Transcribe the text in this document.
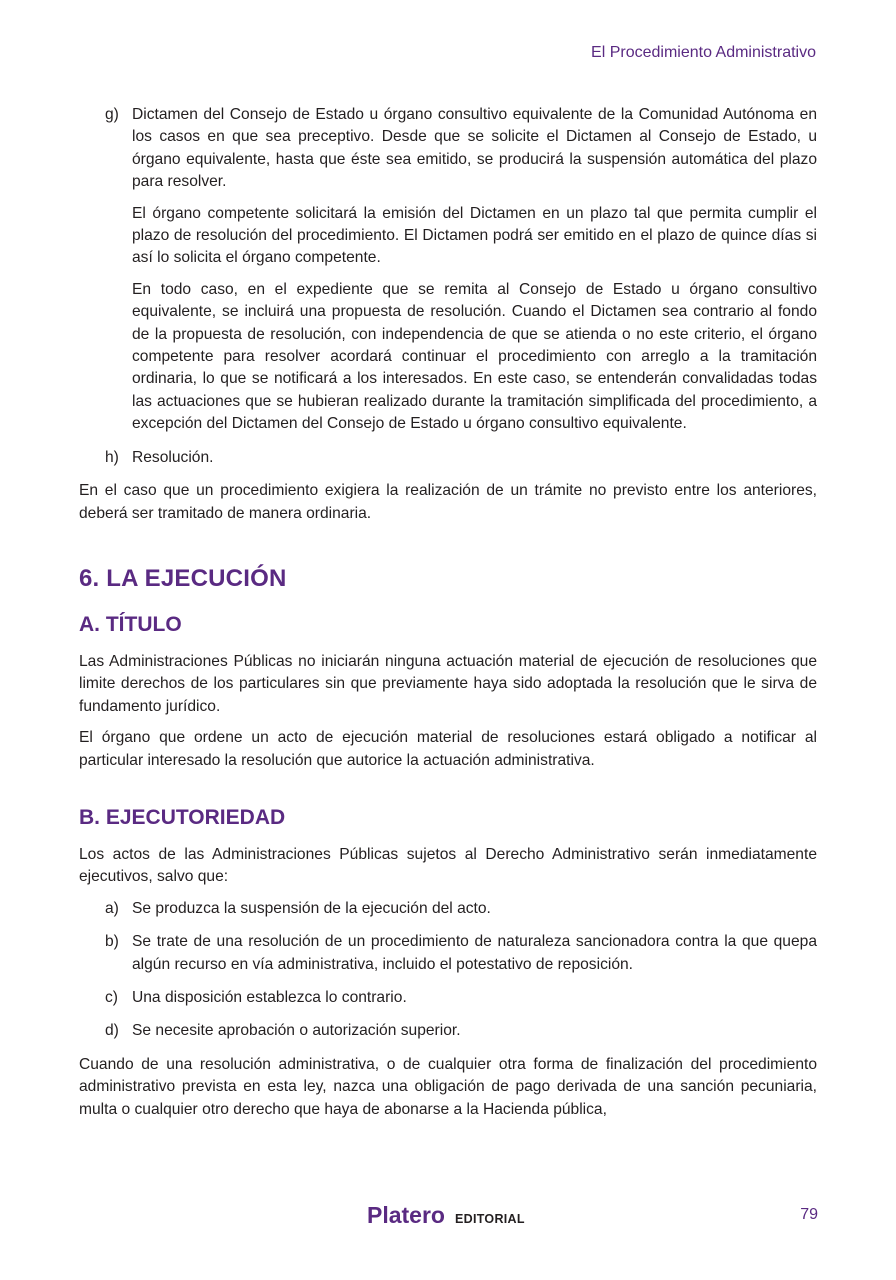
El Procedimiento Administrativo
g) Dictamen del Consejo de Estado u órgano consultivo equivalente de la Comunidad Autónoma en los casos en que sea preceptivo. Desde que se solicite el Dictamen al Consejo de Estado, u órgano equivalente, hasta que éste sea emitido, se producirá la suspensión automática del plazo para resolver.

El órgano competente solicitará la emisión del Dictamen en un plazo tal que permita cumplir el plazo de resolución del procedimiento. El Dictamen podrá ser emitido en el plazo de quince días si así lo solicita el órgano competente.

En todo caso, en el expediente que se remita al Consejo de Estado u órgano consultivo equivalente, se incluirá una propuesta de resolución. Cuando el Dictamen sea contrario al fondo de la propuesta de resolución, con independencia de que se atienda o no este criterio, el órgano competente para resolver acordará continuar el procedimiento con arreglo a la tramitación ordinaria, lo que se notificará a los interesados. En este caso, se entenderán convalidadas todas las actuaciones que se hubieran realizado durante la tramitación simplificada del procedimiento, a excepción del Dictamen del Consejo de Estado u órgano consultivo equivalente.

h) Resolución.

En el caso que un procedimiento exigiera la realización de un trámite no previsto entre los anteriores, deberá ser tramitado de manera ordinaria.

6. LA EJECUCIÓN
A. TÍTULO

Las Administraciones Públicas no iniciarán ninguna actuación material de ejecución de resoluciones que limite derechos de los particulares sin que previamente haya sido adoptada la resolución que le sirva de fundamento jurídico.

El órgano que ordene un acto de ejecución material de resoluciones estará obligado a notificar al particular interesado la resolución que autorice la actuación administrativa.

B. EJECUTORIEDAD

Los actos de las Administraciones Públicas sujetos al Derecho Administrativo serán inmediatamente ejecutivos, salvo que:

a) Se produzca la suspensión de la ejecución del acto.

b) Se trate de una resolución de un procedimiento de naturaleza sancionadora contra la que quepa algún recurso en vía administrativa, incluido el potestativo de reposición.

c) Una disposición establezca lo contrario.

d) Se necesite aprobación o autorización superior.

Cuando de una resolución administrativa, o de cualquier otra forma de finalización del procedimiento administrativo prevista en esta ley, nazca una obligación de pago derivada de una sanción pecuniaria, multa o cualquier otro derecho que haya de abonarse a la Hacienda pública,

Platero EDITORIAL	79
